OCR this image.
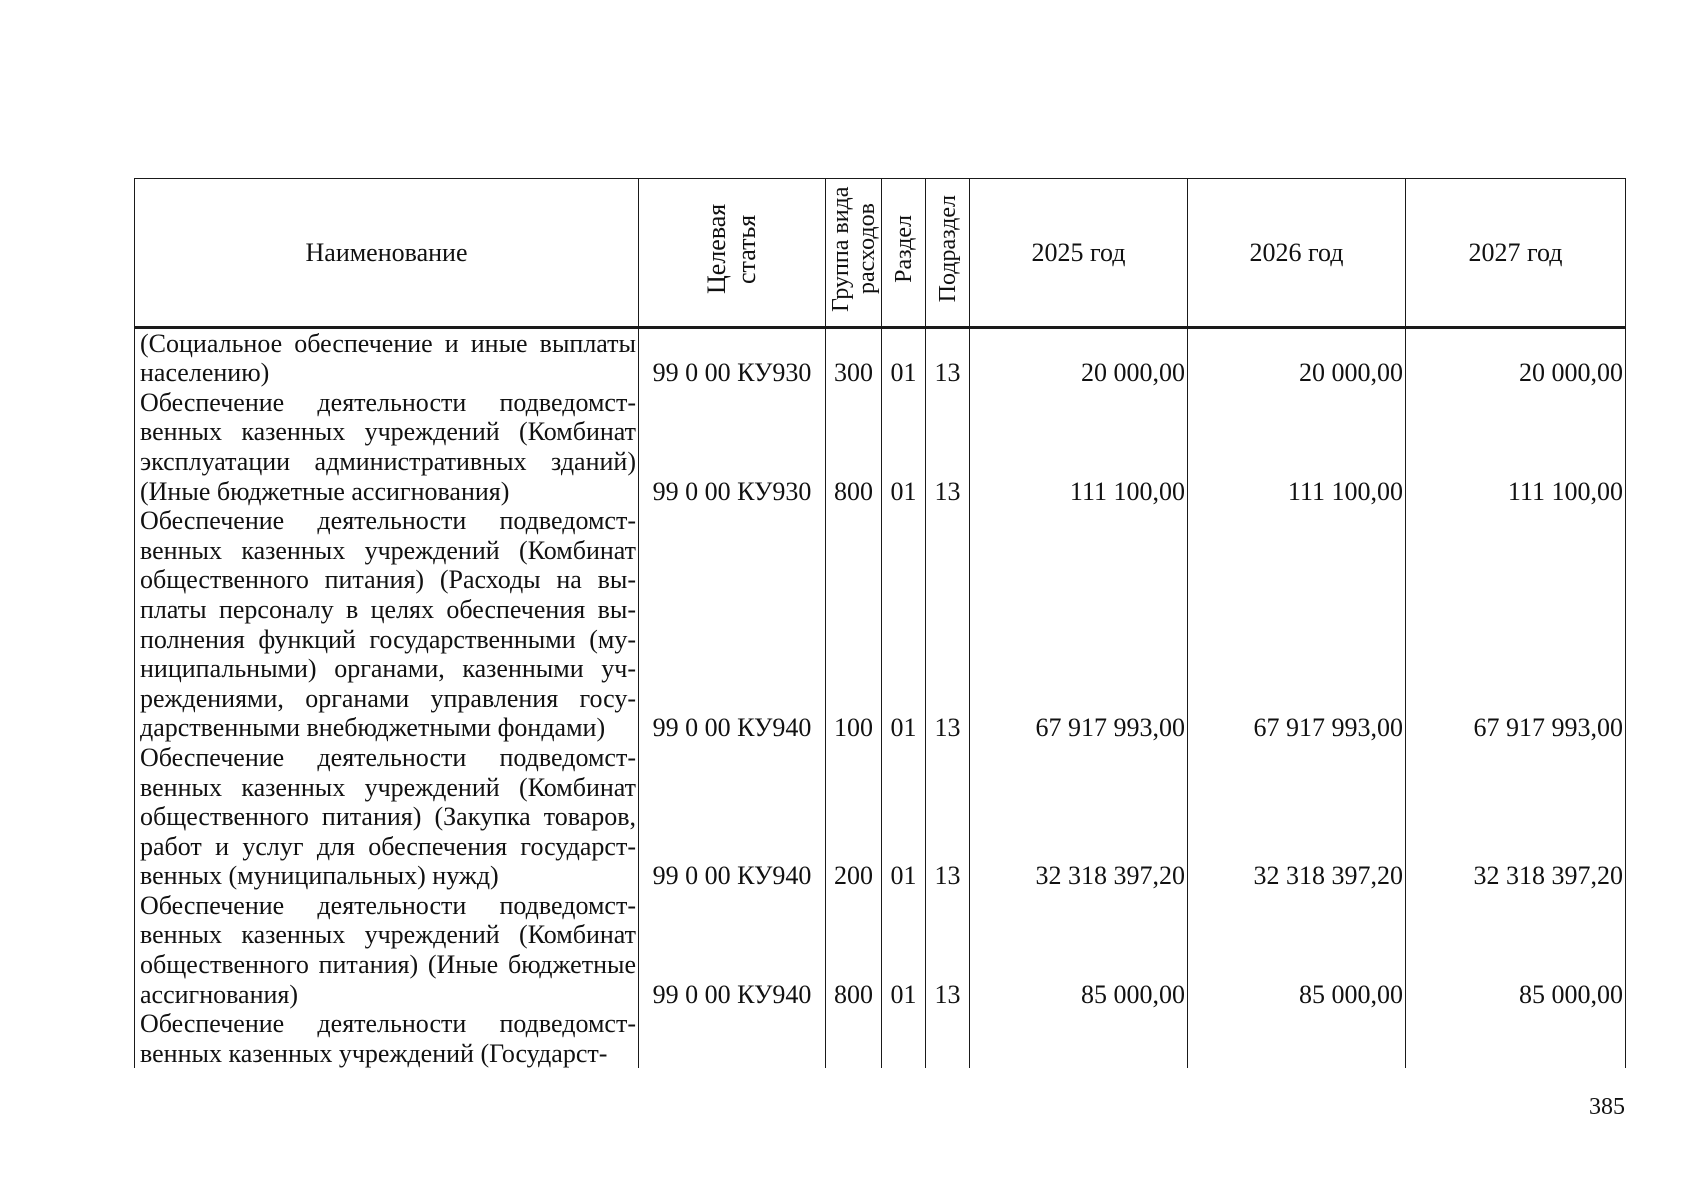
Наименование	Целевая статья	Группа вида расходов	Раздел	Подраздел	2025 год	2026 год	2027 год
(Социальное обеспечение и иные выплаты населению)	99 0 00 КУ930	300	01	13	20 000,00	20 000,00	20 000,00
Обеспечение деятельности подведомственных казенных учреждений (Комбинат эксплуатации административных зданий) (Иные бюджетные ассигнования)	99 0 00 КУ930	800	01	13	111 100,00	111 100,00	111 100,00
Обеспечение деятельности подведомственных казенных учреждений (Комбинат общественного питания) (Расходы на выплаты персоналу в целях обеспечения выполнения функций государственными (муниципальными) органами, казенными учреждениями, органами управления государственными внебюджетными фондами)	99 0 00 КУ940	100	01	13	67 917 993,00	67 917 993,00	67 917 993,00
Обеспечение деятельности подведомственных казенных учреждений (Комбинат общественного питания) (Закупка товаров, работ и услуг для обеспечения государственных (муниципальных) нужд)	99 0 00 КУ940	200	01	13	32 318 397,20	32 318 397,20	32 318 397,20
Обеспечение деятельности подведомственных казенных учреждений (Комбинат общественного питания) (Иные бюджетные ассигнования)	99 0 00 КУ940	800	01	13	85 000,00	85 000,00	85 000,00
Обеспечение деятельности подведомственных казенных учреждений (Государст-							
385
